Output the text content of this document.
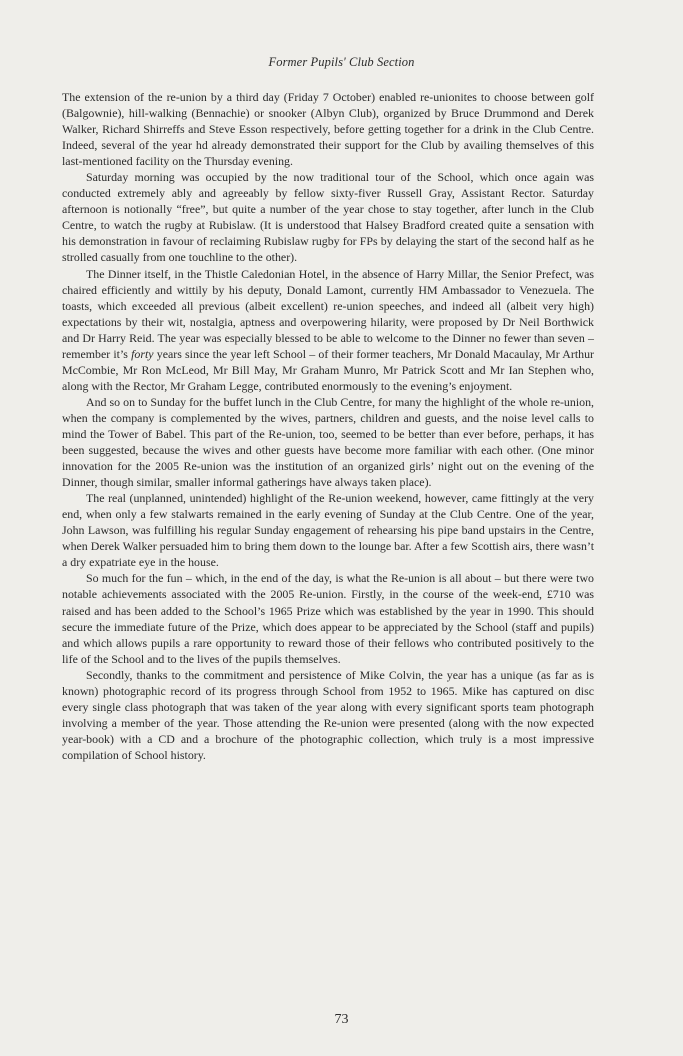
Former Pupils' Club Section

The extension of the re-union by a third day (Friday 7 October) enabled re-unionites to choose between golf (Balgownie), hill-walking (Bennachie) or snooker (Albyn Club), organized by Bruce Drummond and Derek Walker, Richard Shirreffs and Steve Esson respectively, before getting together for a drink in the Club Centre. Indeed, several of the year hd already demonstrated their support for the Club by availing themselves of this last-mentioned facility on the Thursday evening.

Saturday morning was occupied by the now traditional tour of the School, which once again was conducted extremely ably and agreeably by fellow sixty-fiver Russell Gray, Assistant Rector. Saturday afternoon is notionally “free”, but quite a number of the year chose to stay together, after lunch in the Club Centre, to watch the rugby at Rubislaw. (It is understood that Halsey Bradford created quite a sensation with his demonstration in favour of reclaiming Rubislaw rugby for FPs by delaying the start of the second half as he strolled casually from one touchline to the other).

The Dinner itself, in the Thistle Caledonian Hotel, in the absence of Harry Millar, the Senior Prefect, was chaired efficiently and wittily by his deputy, Donald Lamont, currently HM Ambassador to Venezuela. The toasts, which exceeded all previous (albeit excellent) re-union speeches, and indeed all (albeit very high) expectations by their wit, nostalgia, aptness and overpowering hilarity, were proposed by Dr Neil Borthwick and Dr Harry Reid. The year was especially blessed to be able to welcome to the Dinner no fewer than seven – remember it’s forty years since the year left School – of their former teachers, Mr Donald Macaulay, Mr Arthur McCombie, Mr Ron McLeod, Mr Bill May, Mr Graham Munro, Mr Patrick Scott and Mr Ian Stephen who, along with the Rector, Mr Graham Legge, contributed enormously to the evening’s enjoyment.

And so on to Sunday for the buffet lunch in the Club Centre, for many the highlight of the whole re-union, when the company is complemented by the wives, partners, children and guests, and the noise level calls to mind the Tower of Babel. This part of the Re-union, too, seemed to be better than ever before, perhaps, it has been suggested, because the wives and other guests have become more familiar with each other. (One minor innovation for the 2005 Re-union was the institution of an organized girls’ night out on the evening of the Dinner, though similar, smaller informal gatherings have always taken place).

The real (unplanned, unintended) highlight of the Re-union weekend, however, came fittingly at the very end, when only a few stalwarts remained in the early evening of Sunday at the Club Centre. One of the year, John Lawson, was fulfilling his regular Sunday engagement of rehearsing his pipe band upstairs in the Centre, when Derek Walker persuaded him to bring them down to the lounge bar. After a few Scottish airs, there wasn’t a dry expatriate eye in the house.

So much for the fun – which, in the end of the day, is what the Re-union is all about – but there were two notable achievements associated with the 2005 Re-union. Firstly, in the course of the week-end, £710 was raised and has been added to the School’s 1965 Prize which was established by the year in 1990. This should secure the immediate future of the Prize, which does appear to be appreciated by the School (staff and pupils) and which allows pupils a rare opportunity to reward those of their fellows who contributed positively to the life of the School and to the lives of the pupils themselves.

Secondly, thanks to the commitment and persistence of Mike Colvin, the year has a unique (as far as is known) photographic record of its progress through School from 1952 to 1965. Mike has captured on disc every single class photograph that was taken of the year along with every significant sports team photograph involving a member of the year. Those attending the Re-union were presented (along with the now expected year-book) with a CD and a brochure of the photographic collection, which truly is a most impressive compilation of School history.

73
